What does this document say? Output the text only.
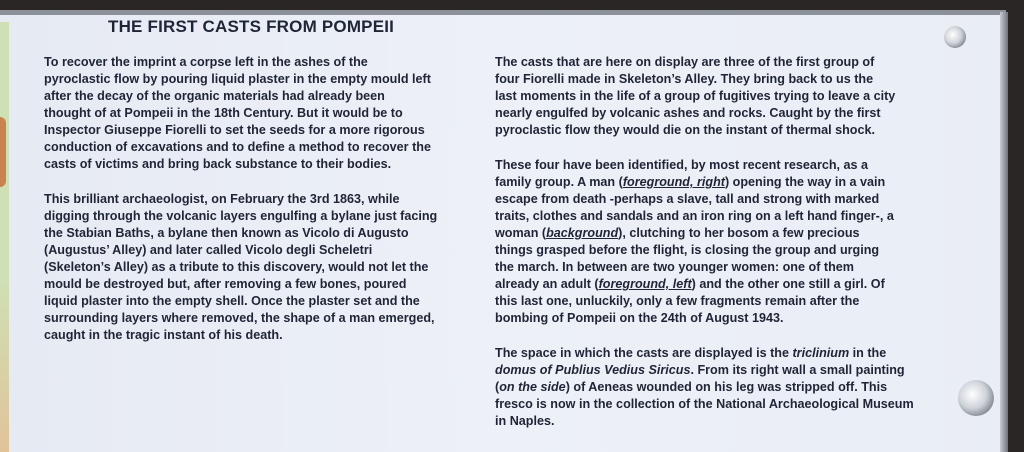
THE FIRST CASTS FROM POMPEII
To recover the imprint a corpse left in the ashes of the
pyroclastic flow by pouring liquid plaster in the empty mould left
after the decay of the organic materials had already been
thought of at Pompeii in the 18th Century. But it would be to
Inspector Giuseppe Fiorelli to set the seeds for a more rigorous
conduction of excavations and to define a method to recover the
casts of victims and bring back substance to their bodies.
This brilliant archaeologist, on February the 3rd 1863, while
digging through the volcanic layers engulfing a bylane just facing
the Stabian Baths, a bylane then known as Vicolo di Augusto
(Augustus’ Alley) and later called Vicolo degli Scheletri
(Skeleton’s Alley) as a tribute to this discovery, would not let the
mould be destroyed but, after removing a few bones, poured
liquid plaster into the empty shell. Once the plaster set and the
surrounding layers where removed, the shape of a man emerged,
caught in the tragic instant of his death.
The casts that are here on display are three of the first group of
four Fiorelli made in Skeleton’s Alley. They bring back to us the
last moments in the life of a group of fugitives trying to leave a city
nearly engulfed by volcanic ashes and rocks. Caught by the first
pyroclastic flow they would die on the instant of thermal shock.
These four have been identified, by most recent research, as a
family group. A man (foreground, right) opening the way in a vain
escape from death -perhaps a slave, tall and strong with marked
traits, clothes and sandals and an iron ring on a left hand finger-, a
woman (background), clutching to her bosom a few precious
things grasped before the flight, is closing the group and urging
the march. In between are two younger women: one of them
already an adult (foreground, left) and the other one still a girl. Of
this last one, unluckily, only a few fragments remain after the
bombing of Pompeii on the 24th of August 1943.
The space in which the casts are displayed is the triclinium in the
domus of Publius Vedius Siricus. From its right wall a small painting
(on the side) of Aeneas wounded on his leg was stripped off. This
fresco is now in the collection of the National Archaeological Museum
in Naples.
